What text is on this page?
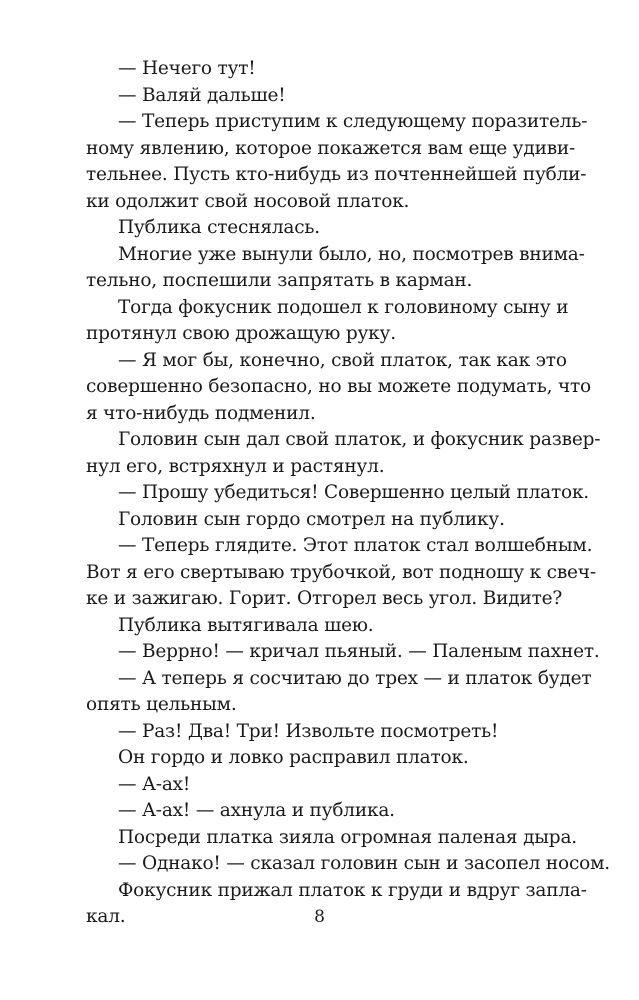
— Нечего тут!
— Валяй дальше!
— Теперь приступим к следующему поразитель-
ному явлению, которое покажется вам еще удиви-
тельнее. Пусть кто-нибудь из почтеннейшей публи-
ки одолжит свой носовой платок.
Публика стеснялась.
Многие уже вынули было, но, посмотрев внима-
тельно, поспешили запрятать в карман.
Тогда фокусник подошел к головиному сыну и
протянул свою дрожащую руку.
— Я мог бы, конечно, свой платок, так как это
совершенно безопасно, но вы можете подумать, что
я что-нибудь подменил.
Головин сын дал свой платок, и фокусник развер-
нул его, встряхнул и растянул.
— Прошу убедиться! Совершенно целый платок.
Головин сын гордо смотрел на публику.
— Теперь глядите. Этот платок стал волшебным.
Вот я его свертываю трубочкой, вот подношу к свеч-
ке и зажигаю. Горит. Отгорел весь угол. Видите?
Публика вытягивала шею.
— Веррно! — кричал пьяный. — Паленым пахнет.
— А теперь я сосчитаю до трех — и платок будет
опять цельным.
— Раз! Два! Три! Извольте посмотреть!
Он гордо и ловко расправил платок.
— А-ах!
— А-ах! — ахнула и публика.
Посреди платка зияла огромная паленая дыра.
— Однако! — сказал головин сын и засопел носом.
Фокусник прижал платок к груди и вдруг запла-
кал.	8
